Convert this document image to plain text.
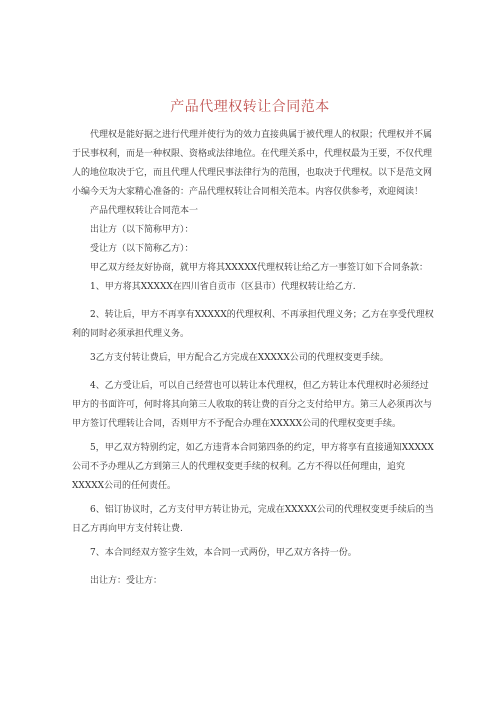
产品代理权转让合同范本

代理权是能好据之进行代理并使行为的效力直接典属于被代理人的权限；代理权并不属于民事权利，而是一种权限、资格或法律地位。在代理关系中，代理权最为王要，不仅代理人的地位取决于它，而且代理人代理民事法律行为的范围，也取决于代理权。以下是范文网小编今天为大家精心准备的：产品代理权转让合同相关范本。内容仅供参考，欢迎阅读！

产品代理权转让合同范本一

出让方（以下简称甲方）：

受让方（以下简称乙方）：

甲乙双方经友好协商，就甲方将其XXXXX代理权转让给乙方一事签订如下合同条款：

1、甲方将其XXXXX在四川省自贡市（区县市）代理权转让给乙方.

2、转让后，甲方不再享有XXXXX的代理权利、不再承担代理义务；乙方在享受代理权利的同时必须承担代理义务。

3乙方支付转让费后，甲方配合乙方完成在XXXXX公司的代理权变更手续。

4、乙方受让后，可以自己经营也可以转让本代理权，但乙方转让本代理权时必须经过甲方的书面许可，何时将其向第三人收取的转让费的百分之支付给甲方。第三人必须再次与甲方签订代理转让合同，否则甲方不予配合办理在XXXXX公司的代理权变更手续。

5，甲乙双方特别约定，如乙方违背本合同第四条的约定，甲方将享有直接通知XXXXX公司不予办理从乙方到第三人的代理权变更手续的权利。乙方不得以任何理由，追究XXXXX公司的任何责任。

6、铝订协议时，乙方支付甲方转让协元，完成在XXXXX公司的代理权变更手续后的当日乙方再向甲方支付转让费.

7、本合同经双方签字生效，本合同一式两份，甲乙双方各持一份。

出让方：受让方：
